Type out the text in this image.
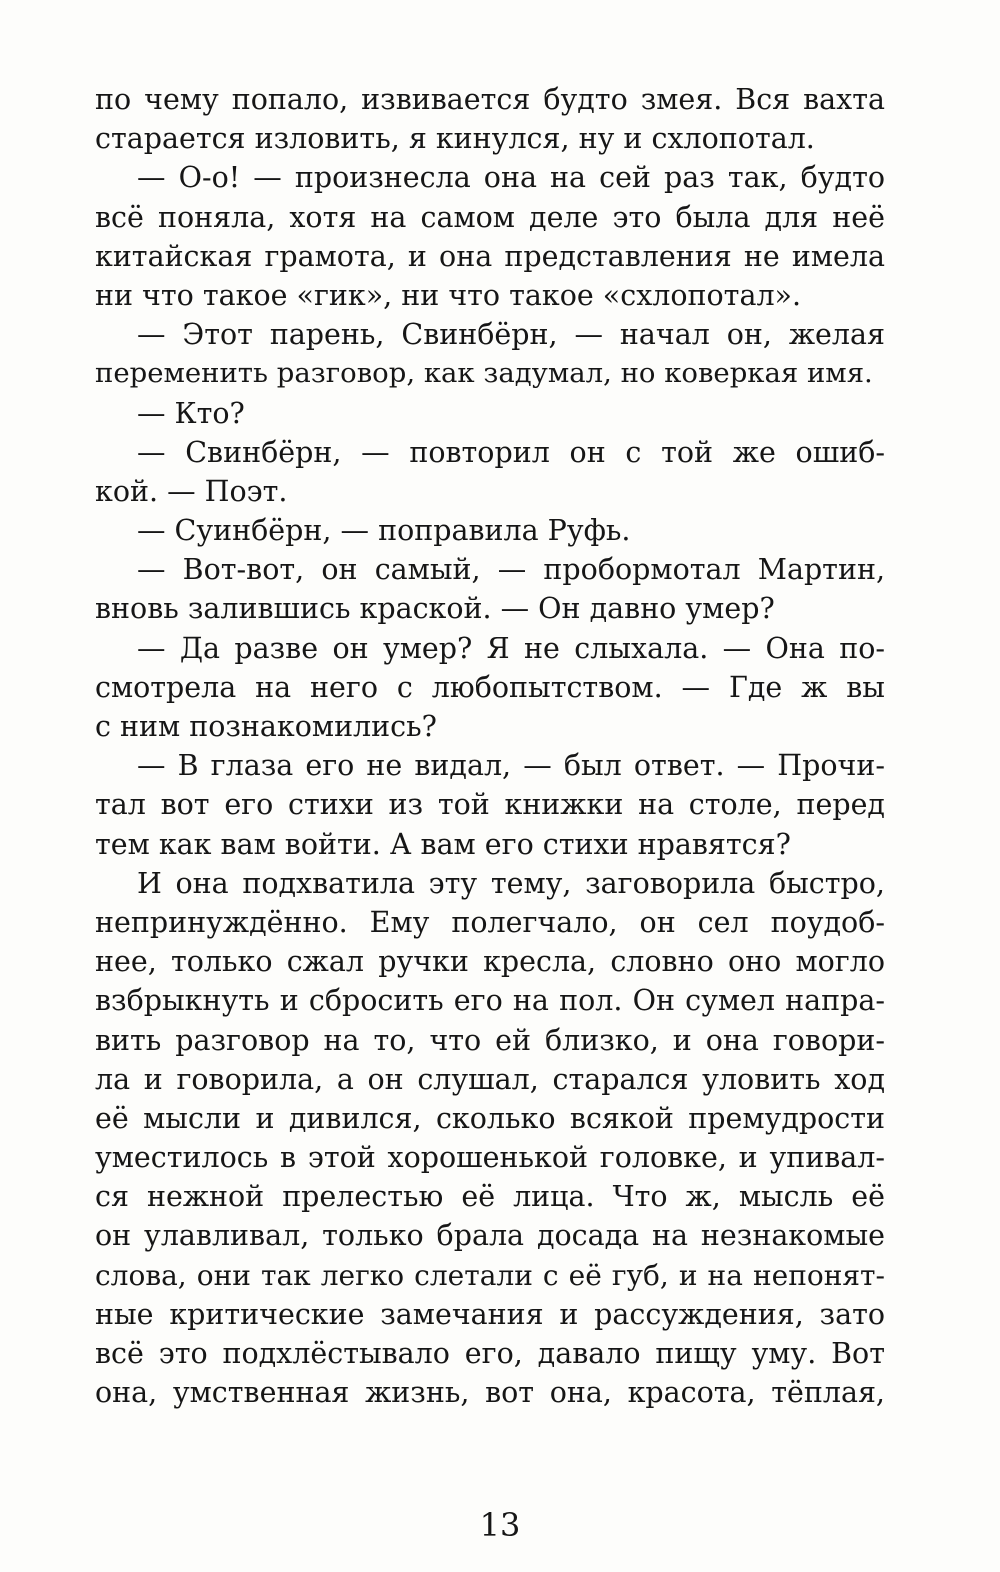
по чему попало, извивается будто змея. Вся вахта
старается изловить, я кинулся, ну и схлопотал.
— О-о! — произнесла она на сей раз так, будто
всё поняла, хотя на самом деле это была для неё
китайская грамота, и она представления не имела
ни что такое «гик», ни что такое «схлопотал».
— Этот парень, Свинбёрн, — начал он, желая
переменить разговор, как задумал, но коверкая имя.
— Кто?
— Свинбёрн, — повторил он с той же ошиб-
кой. — Поэт.
— Суинбёрн, — поправила Руфь.
— Вот-вот, он самый, — пробормотал Мартин,
вновь залившись краской. — Он давно умер?
— Да разве он умер? Я не слыхала. — Она по-
смотрела на него с любопытством. — Где ж вы
с ним познакомились?
— В глаза его не видал, — был ответ. — Прочи-
тал вот его стихи из той книжки на столе, перед
тем как вам войти. А вам его стихи нравятся?
И она подхватила эту тему, заговорила быстро,
непринуждённо. Ему полегчало, он сел поудоб-
нее, только сжал ручки кресла, словно оно могло
взбрыкнуть и сбросить его на пол. Он сумел напра-
вить разговор на то, что ей близко, и она говори-
ла и говорила, а он слушал, старался уловить ход
её мысли и дивился, сколько всякой премудрости
уместилось в этой хорошенькой головке, и упивал-
ся нежной прелестью её лица. Что ж, мысль её
он улавливал, только брала досада на незнакомые
слова, они так легко слетали с её губ, и на непонят-
ные критические замечания и рассуждения, зато
всё это подхлёстывало его, давало пищу уму. Вот
она, умственная жизнь, вот она, красота, тёплая,
13
